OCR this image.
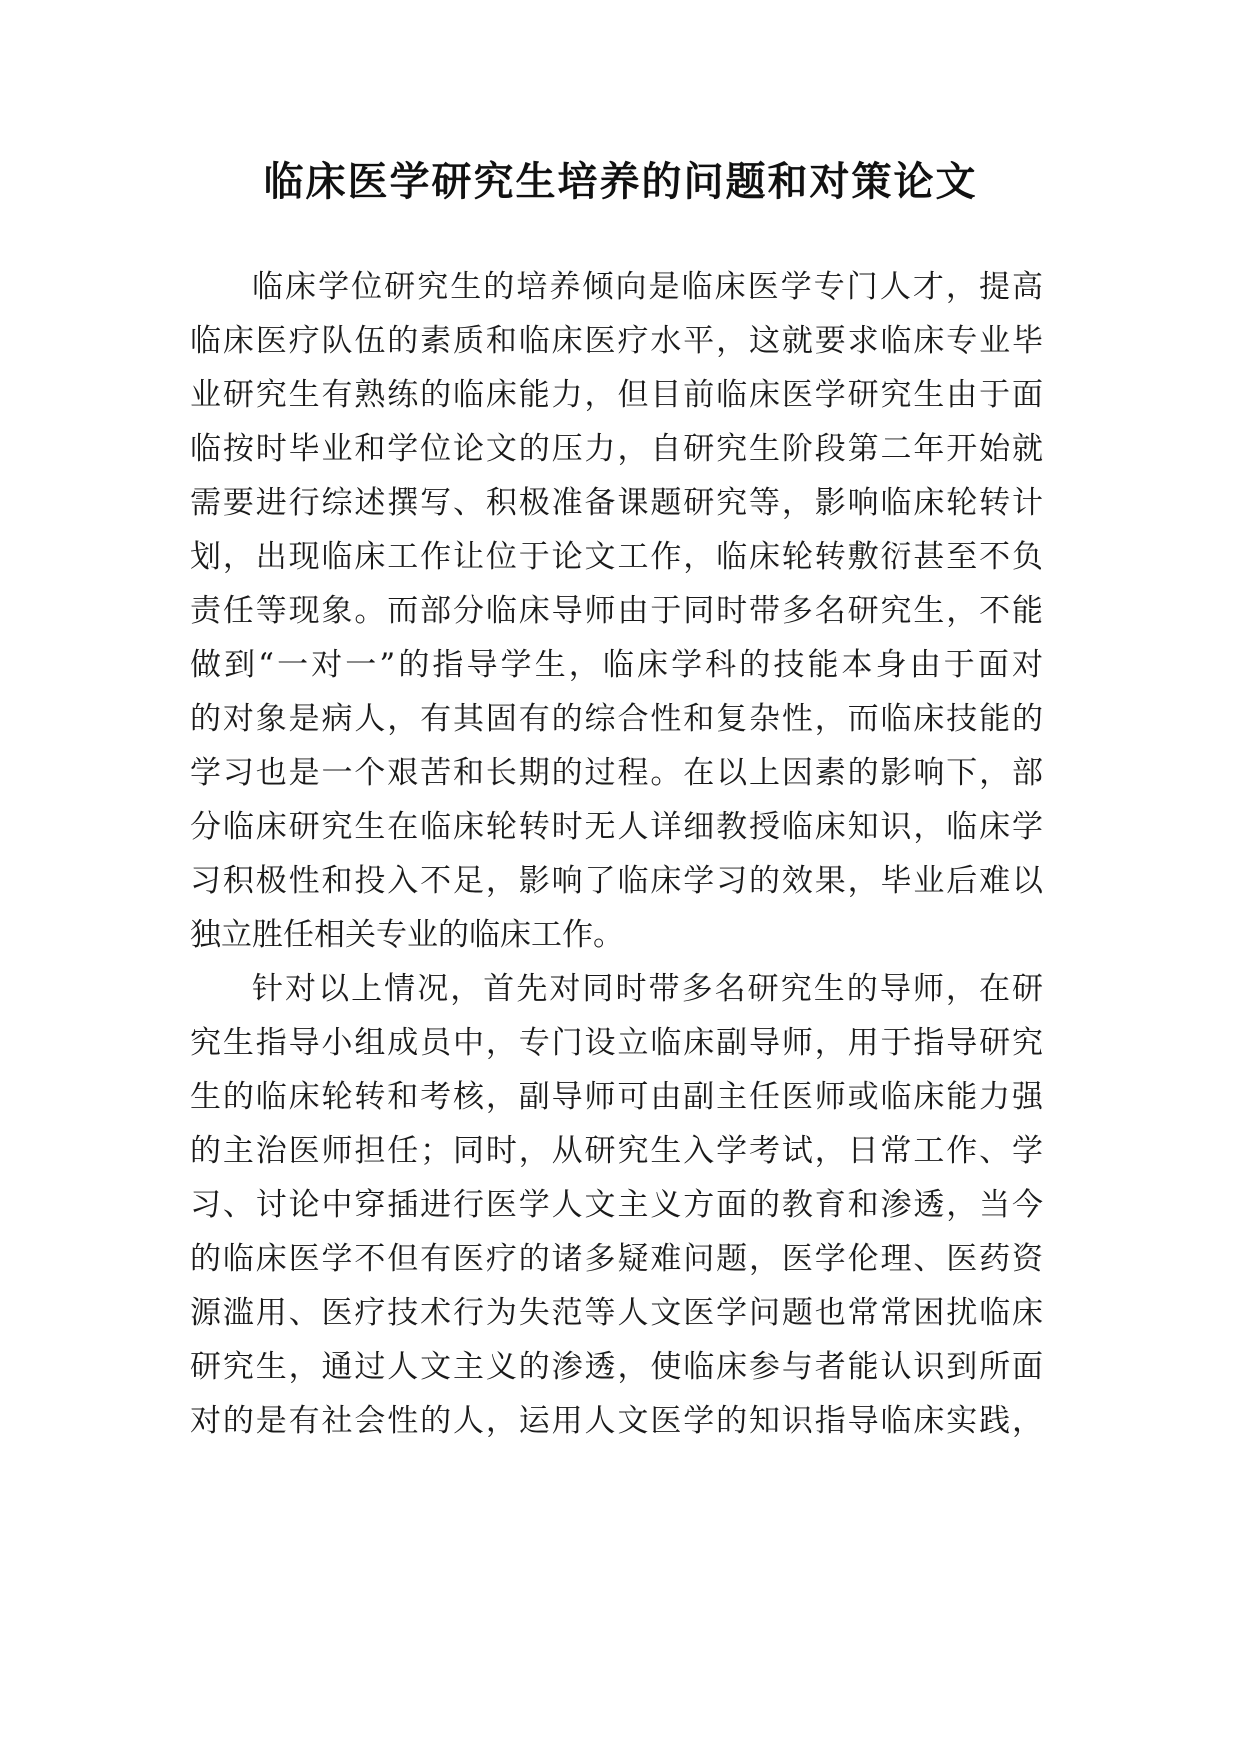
临床医学研究生培养的问题和对策论文

临床学位研究生的培养倾向是临床医学专门人才，提高

临床医疗队伍的素质和临床医疗水平，这就要求临床专业毕

业研究生有熟练的临床能力，但目前临床医学研究生由于面

临按时毕业和学位论文的压力，自研究生阶段第二年开始就

需要进行综述撰写、积极准备课题研究等，影响临床轮转计

划，出现临床工作让位于论文工作，临床轮转敷衍甚至不负

责任等现象。而部分临床导师由于同时带多名研究生，不能

做到“一对一”的指导学生，临床学科的技能本身由于面对

的对象是病人，有其固有的综合性和复杂性，而临床技能的

学习也是一个艰苦和长期的过程。在以上因素的影响下，部

分临床研究生在临床轮转时无人详细教授临床知识，临床学

习积极性和投入不足，影响了临床学习的效果，毕业后难以

独立胜任相关专业的临床工作。

针对以上情况，首先对同时带多名研究生的导师，在研

究生指导小组成员中，专门设立临床副导师，用于指导研究

生的临床轮转和考核，副导师可由副主任医师或临床能力强

的主治医师担任；同时，从研究生入学考试，日常工作、学

习、讨论中穿插进行医学人文主义方面的教育和渗透，当今

的临床医学不但有医疗的诸多疑难问题，医学伦理、医药资

源滥用、医疗技术行为失范等人文医学问题也常常困扰临床

研究生，通过人文主义的渗透，使临床参与者能认识到所面

对的是有社会性的人，运用人文医学的知识指导临床实践，
